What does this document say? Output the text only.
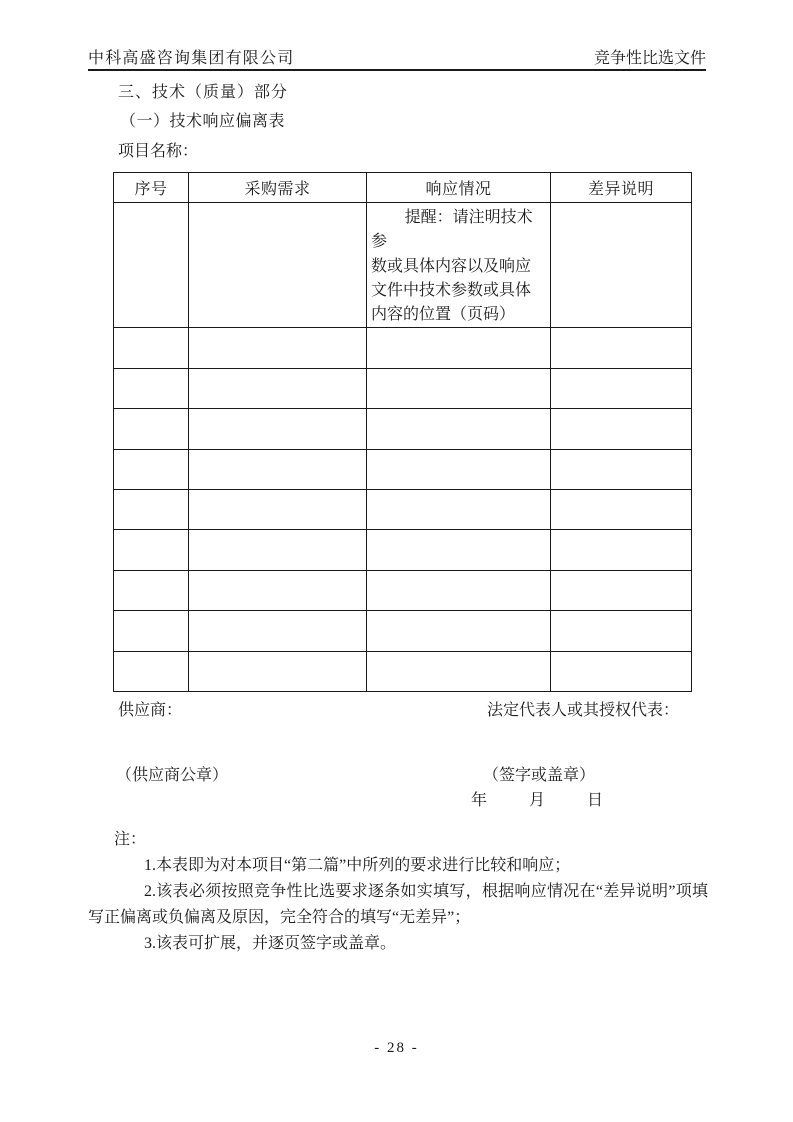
中科高盛咨询集团有限公司	竞争性比选文件
三、技术（质量）部分
（一）技术响应偏离表
项目名称：
序号	采购需求	响应情况	差异说明

		提醒：请注明技术参
数或具体内容以及响应
文件中技术参数或具体
内容的位置（页码）	

供应商：	法定代表人或其授权代表：
（供应商公章）	（签字或盖章）
年	月	日

注：

1.本表即为对本项目“第二篇”中所列的要求进行比较和响应；

2.该表必须按照竞争性比选要求逐条如实填写，根据响应情况在“差异说明”项填写正偏离或负偏离及原因，完全符合的填写“无差异”；

3.该表可扩展，并逐页签字或盖章。

- 28 -
